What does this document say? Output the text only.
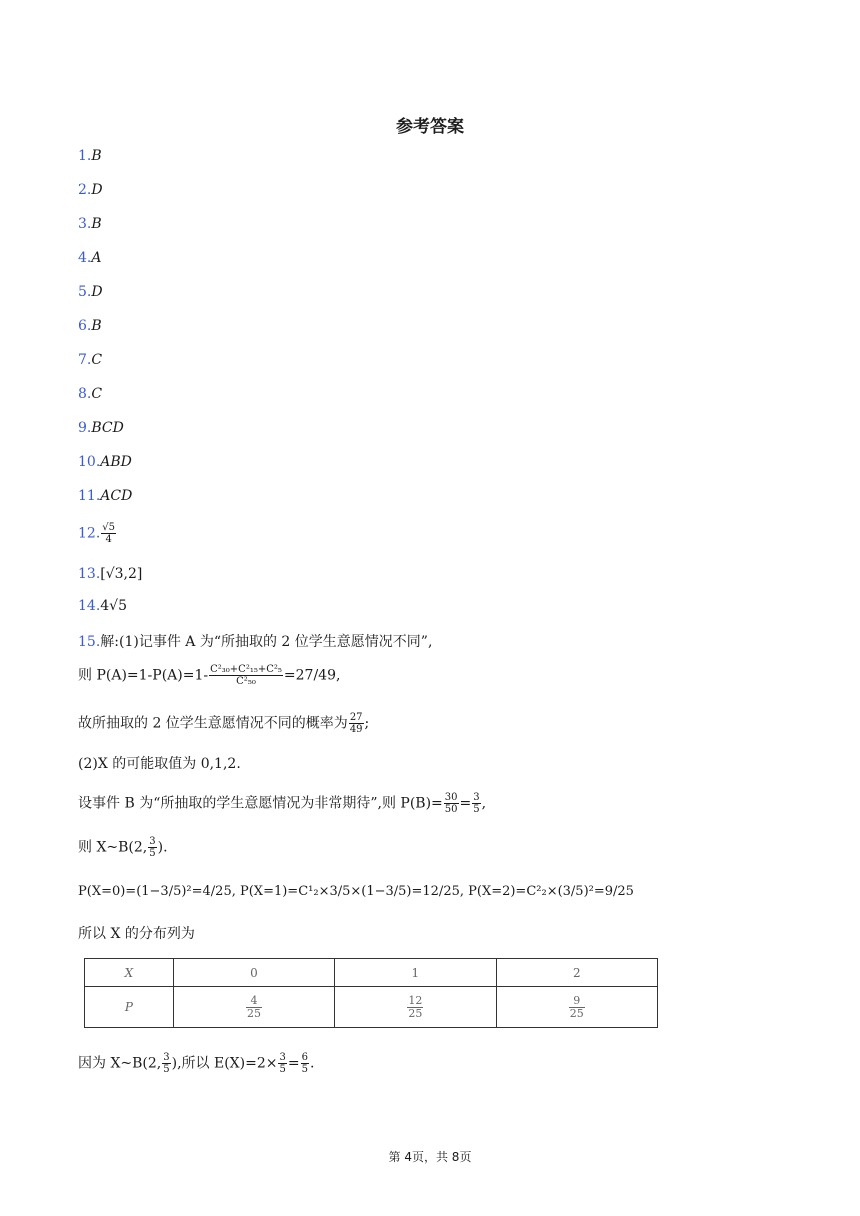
参考答案
1.B
2.D
3.B
4.A
5.D
6.B
7.C
8.C
9.BCD
10.ABD
11.ACD
12. $\frac{√5}{4}$
13.[√3,2]
14.4√5
15.解:(1)记事件 A 为“所抽取的 2 位学生意愿情况不同”,
则 $P(A)=1-P(A)=1- \frac{\text{C²₃₀+C²₁₅+C²₅}}{\text{C²₅₀}} =27/49$,
故所抽取的 2 位学生意愿情况不同的概率为 $\frac{27}{49}$ ;
(2)X 的可能取值为 0,1,2.
设事件 B 为“所抽取的学生意愿情况为非常期待”,则 $P(B)= \frac{30}{50} = \frac{3}{5}$ ,
则 X~B(2, $\frac{3}{5}$ ).
P(X=0)=(1−3/5)²=4/25, P(X=1)=C¹₂×3/5×(1−3/5)=12/25, P(X=2)=C²₂×(3/5)²=9/25
所以 X 的分布列为
X	0	1	2
P	$\frac{4}{25}$	$\frac{12}{25}$	$\frac{9}{25}$
因为 X~B(2, $\frac{3}{5}$ ),所以 $E(X)=2\times \frac{3}{5} = \frac{6}{5}$ .
第 4页，共 8页
